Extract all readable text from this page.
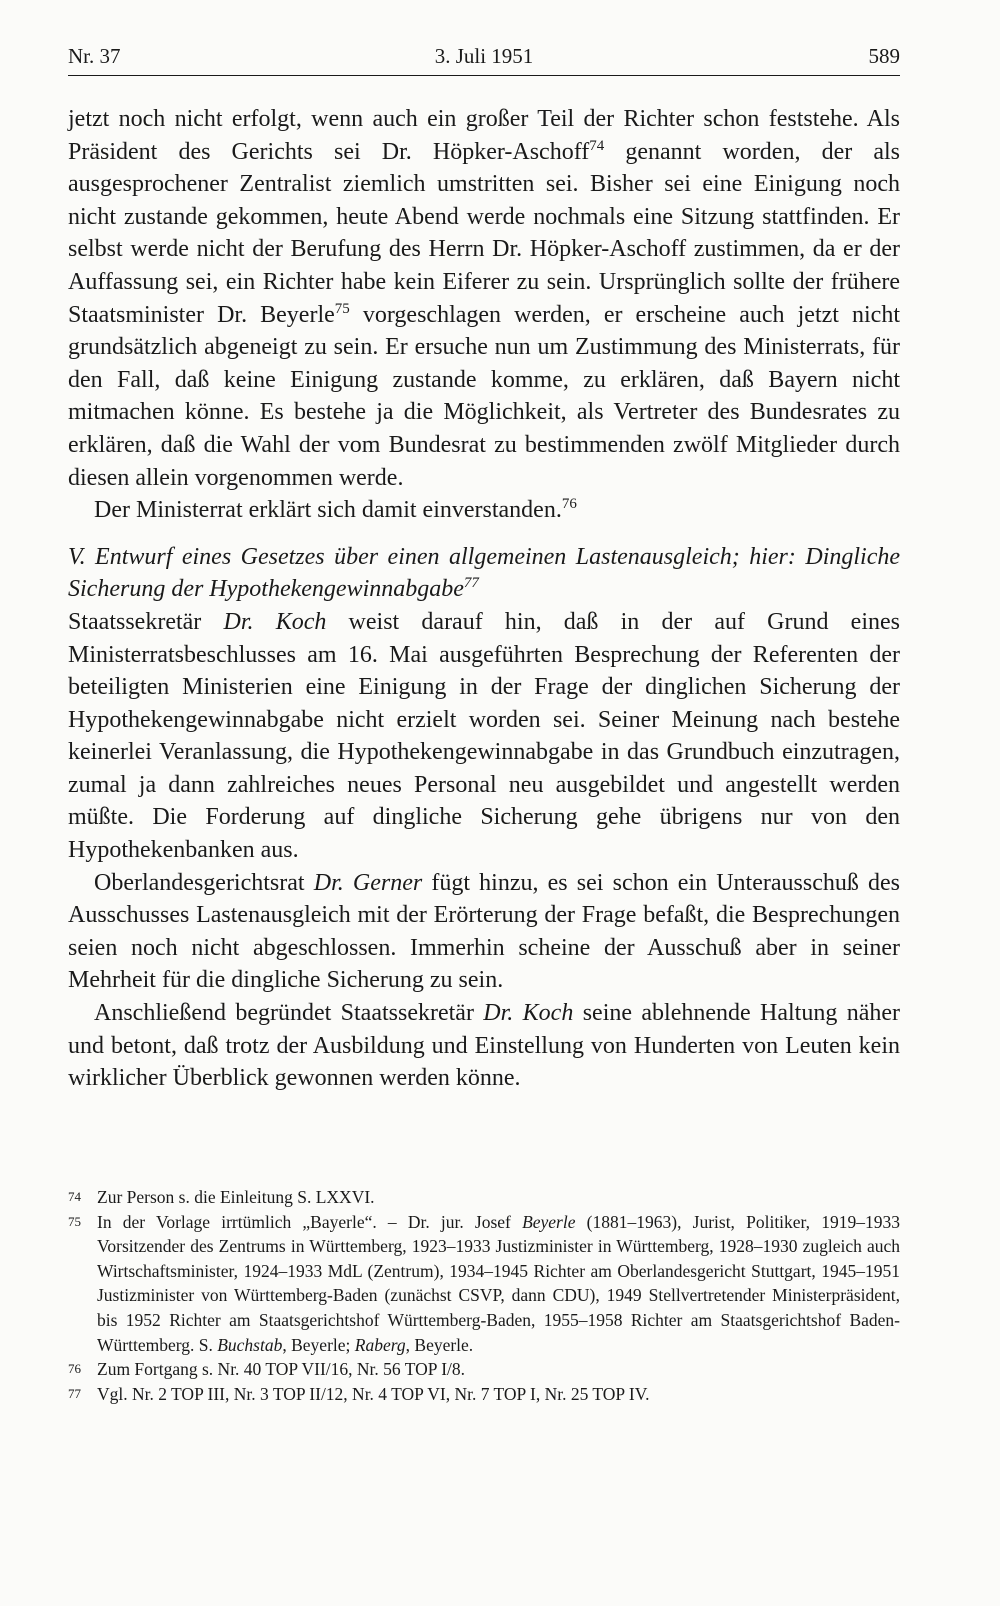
Nr. 37	3. Juli 1951	589

jetzt noch nicht erfolgt, wenn auch ein großer Teil der Richter schon feststehe. Als Präsident des Gerichts sei Dr. Höpker-Aschoff$^{74}$ genannt worden, der als ausgesprochener Zentralist ziemlich umstritten sei. Bisher sei eine Einigung noch nicht zustande gekommen, heute Abend werde nochmals eine Sitzung stattfinden. Er selbst werde nicht der Berufung des Herrn Dr. Höpker-Aschoff zustimmen, da er der Auffassung sei, ein Richter habe kein Eiferer zu sein. Ursprünglich sollte der frühere Staatsminister Dr. Beyerle$^{75}$ vorgeschlagen werden, er erscheine auch jetzt nicht grundsätzlich abgeneigt zu sein. Er ersuche nun um Zustimmung des Ministerrats, für den Fall, daß keine Einigung zustande komme, zu erklären, daß Bayern nicht mitmachen könne. Es bestehe ja die Möglichkeit, als Vertreter des Bundesrates zu erklären, daß die Wahl der vom Bundesrat zu bestimmenden zwölf Mitglieder durch diesen allein vorgenommen werde.

Der Ministerrat erklärt sich damit einverstanden.$^{76}$

V. Entwurf eines Gesetzes über einen allgemeinen Lastenausgleich; hier: Dingliche Sicherung der Hypothekengewinnabgabe$^{77}$

Staatssekretär Dr. Koch weist darauf hin, daß in der auf Grund eines Ministerratsbeschlusses am 16. Mai ausgeführten Besprechung der Referenten der beteiligten Ministerien eine Einigung in der Frage der dinglichen Sicherung der Hypothekengewinnabgabe nicht erzielt worden sei. Seiner Meinung nach bestehe keinerlei Veranlassung, die Hypothekengewinnabgabe in das Grundbuch einzutragen, zumal ja dann zahlreiches neues Personal neu ausgebildet und angestellt werden müßte. Die Forderung auf dingliche Sicherung gehe übrigens nur von den Hypothekenbanken aus.

Oberlandesgerichtsrat Dr. Gerner fügt hinzu, es sei schon ein Unterausschuß des Ausschusses Lastenausgleich mit der Erörterung der Frage befaßt, die Besprechungen seien noch nicht abgeschlossen. Immerhin scheine der Ausschuß aber in seiner Mehrheit für die dingliche Sicherung zu sein.

Anschließend begründet Staatssekretär Dr. Koch seine ablehnende Haltung näher und betont, daß trotz der Ausbildung und Einstellung von Hunderten von Leuten kein wirklicher Überblick gewonnen werden könne.

74 Zur Person s. die Einleitung S. LXXVI.
75 In der Vorlage irrtümlich „Bayerle“. – Dr. jur. Josef Beyerle (1881–1963), Jurist, Politiker, 1919–1933 Vorsitzender des Zentrums in Württemberg, 1923–1933 Justizminister in Württemberg, 1928–1930 zugleich auch Wirtschaftsminister, 1924–1933 MdL (Zentrum), 1934–1945 Richter am Oberlandesgericht Stuttgart, 1945–1951 Justizminister von Württemberg-Baden (zunächst CSVP, dann CDU), 1949 Stellvertretender Ministerpräsident, bis 1952 Richter am Staatsgerichtshof Württemberg-Baden, 1955–1958 Richter am Staatsgerichtshof Baden-Württemberg. S. Buchstab, Beyerle; Raberg, Beyerle.
76 Zum Fortgang s. Nr. 40 TOP VII/16, Nr. 56 TOP I/8.
77 Vgl. Nr. 2 TOP III, Nr. 3 TOP II/12, Nr. 4 TOP VI, Nr. 7 TOP I, Nr. 25 TOP IV.
